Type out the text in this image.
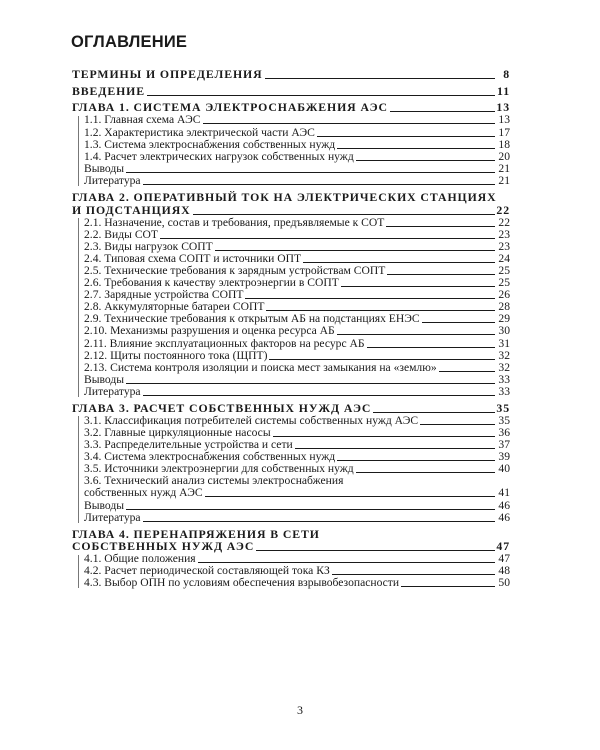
ОГЛАВЛЕНИЕ
ТЕРМИНЫ И ОПРЕДЕЛЕНИЯ	8
ВВЕДЕНИЕ	11
ГЛАВА 1. СИСТЕМА ЭЛЕКТРОСНАБЖЕНИЯ АЭС	13
1.1. Главная схема АЭС	13
1.2. Характеристика электрической части АЭС	17
1.3. Система электроснабжения собственных нужд	18
1.4. Расчет электрических нагрузок собственных нужд	20
Выводы	21
Литература	21
ГЛАВА 2. ОПЕРАТИВНЫЙ ТОК НА ЭЛЕКТРИЧЕСКИХ СТАНЦИЯХ
И ПОДСТАНЦИЯХ	22
2.1. Назначение, состав и требования, предъявляемые к СОТ	22
2.2. Виды СОТ	23
2.3. Виды нагрузок СОПТ	23
2.4. Типовая схема СОПТ и источники ОПТ	24
2.5. Технические требования к зарядным устройствам СОПТ	25
2.6. Требования к качеству электроэнергии в СОПТ	25
2.7. Зарядные устройства СОПТ	26
2.8. Аккумуляторные батареи СОПТ	28
2.9. Технические требования к открытым АБ на подстанциях ЕНЭС	29
2.10. Механизмы разрушения и оценка ресурса АБ	30
2.11. Влияние эксплуатационных факторов на ресурс АБ	31
2.12. Щиты постоянного тока (ЩПТ)	32
2.13. Система контроля изоляции и поиска мест замыкания на «землю»	32
Выводы	33
Литература	33
ГЛАВА 3. РАСЧЕТ СОБСТВЕННЫХ НУЖД АЭС	35
3.1. Классификация потребителей системы собственных нужд АЭС	35
3.2. Главные циркуляционные насосы	36
3.3. Распределительные устройства и сети	37
3.4. Система электроснабжения собственных нужд	39
3.5. Источники электроэнергии для собственных нужд	40
3.6. Технический анализ системы электроснабжения
собственных нужд АЭС	41
Выводы	46
Литература	46
ГЛАВА 4. ПЕРЕНАПРЯЖЕНИЯ В СЕТИ
СОБСТВЕННЫХ НУЖД АЭС	47
4.1. Общие положения	47
4.2. Расчет периодической составляющей тока КЗ	48
4.3. Выбор ОПН по условиям обеспечения взрывобезопасности	50
3
